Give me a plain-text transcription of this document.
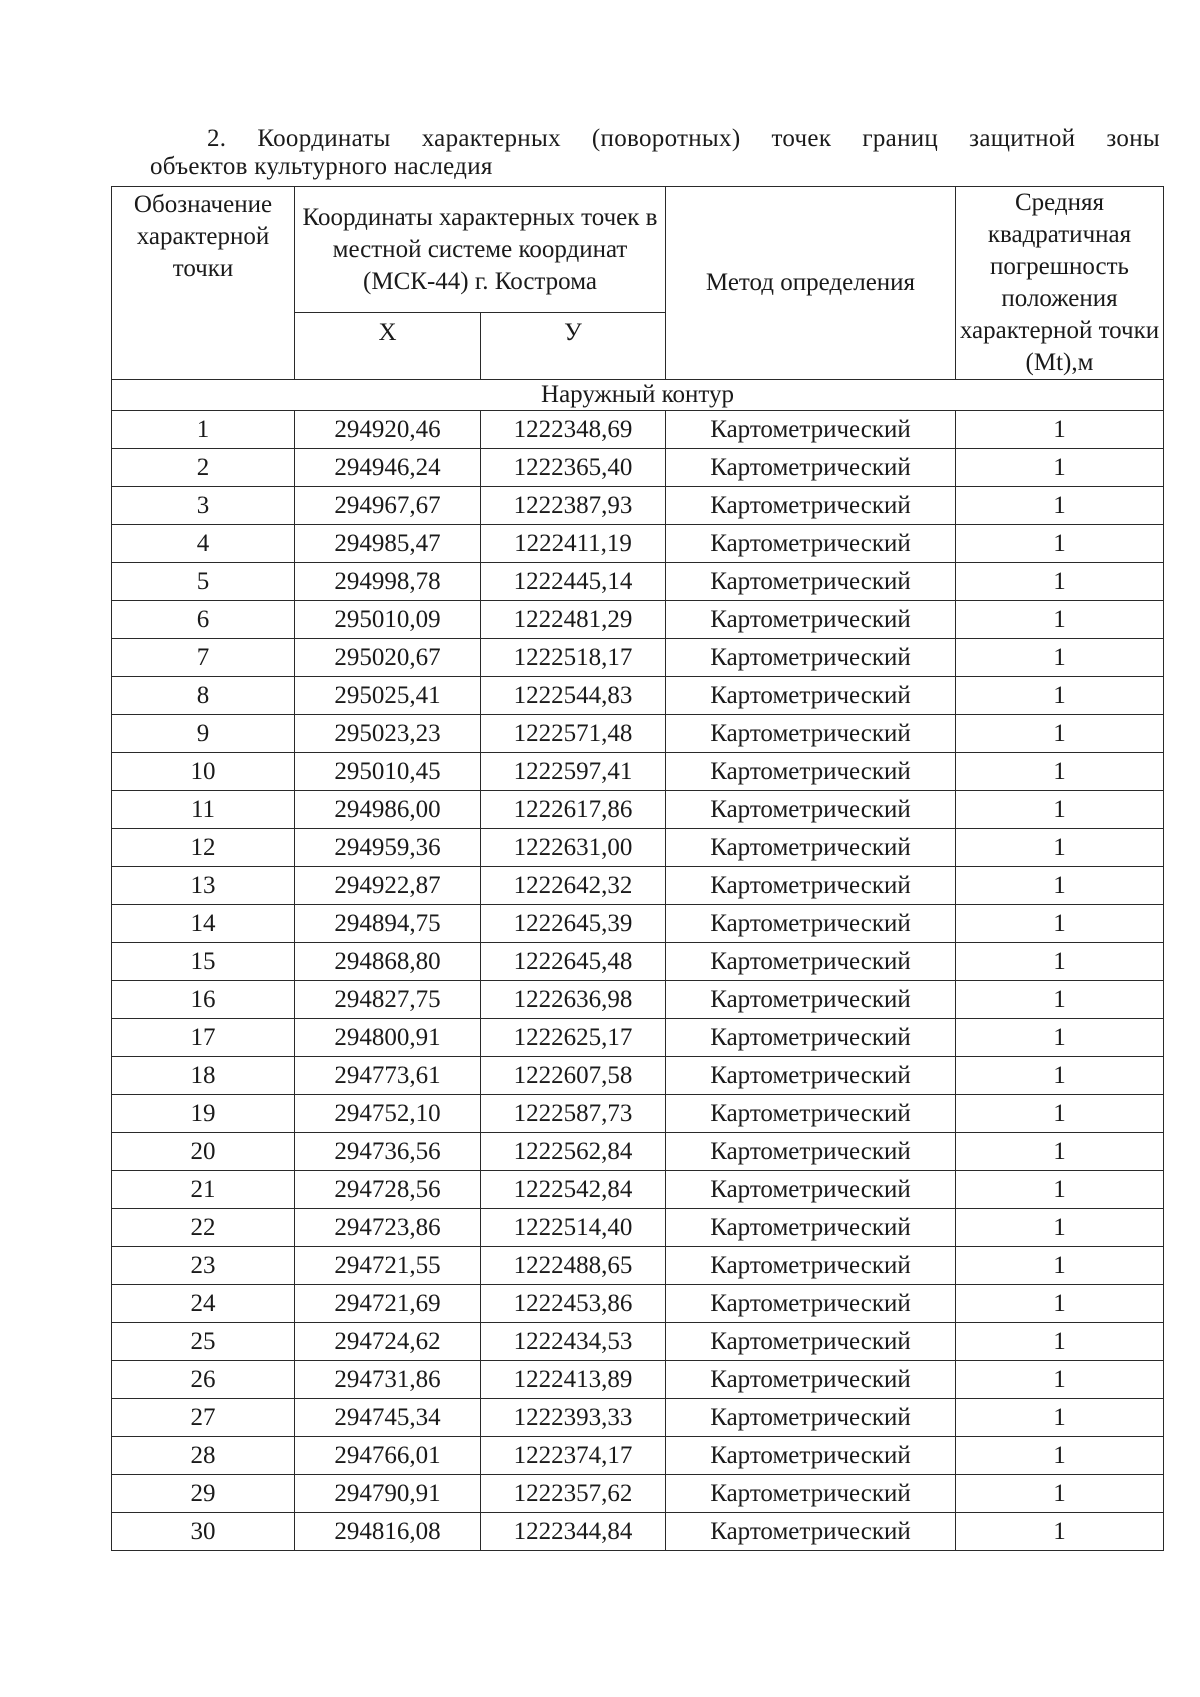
2. Координаты характерных (поворотных) точек границ защитной зоны
объектов культурного наследия
Обозначение характерной точки	Координаты характерных точек в местной системе координат (МСК-44) г. Кострома		Метод определения	Средняя квадратичная погрешность положения характерной точки (Mt),м
	X	У		
Наружный контур				
1	294920,46	1222348,69	Картометрический	1
2	294946,24	1222365,40	Картометрический	1
3	294967,67	1222387,93	Картометрический	1
4	294985,47	1222411,19	Картометрический	1
5	294998,78	1222445,14	Картометрический	1
6	295010,09	1222481,29	Картометрический	1
7	295020,67	1222518,17	Картометрический	1
8	295025,41	1222544,83	Картометрический	1
9	295023,23	1222571,48	Картометрический	1
10	295010,45	1222597,41	Картометрический	1
11	294986,00	1222617,86	Картометрический	1
12	294959,36	1222631,00	Картометрический	1
13	294922,87	1222642,32	Картометрический	1
14	294894,75	1222645,39	Картометрический	1
15	294868,80	1222645,48	Картометрический	1
16	294827,75	1222636,98	Картометрический	1
17	294800,91	1222625,17	Картометрический	1
18	294773,61	1222607,58	Картометрический	1
19	294752,10	1222587,73	Картометрический	1
20	294736,56	1222562,84	Картометрический	1
21	294728,56	1222542,84	Картометрический	1
22	294723,86	1222514,40	Картометрический	1
23	294721,55	1222488,65	Картометрический	1
24	294721,69	1222453,86	Картометрический	1
25	294724,62	1222434,53	Картометрический	1
26	294731,86	1222413,89	Картометрический	1
27	294745,34	1222393,33	Картометрический	1
28	294766,01	1222374,17	Картометрический	1
29	294790,91	1222357,62	Картометрический	1
30	294816,08	1222344,84	Картометрический	1
